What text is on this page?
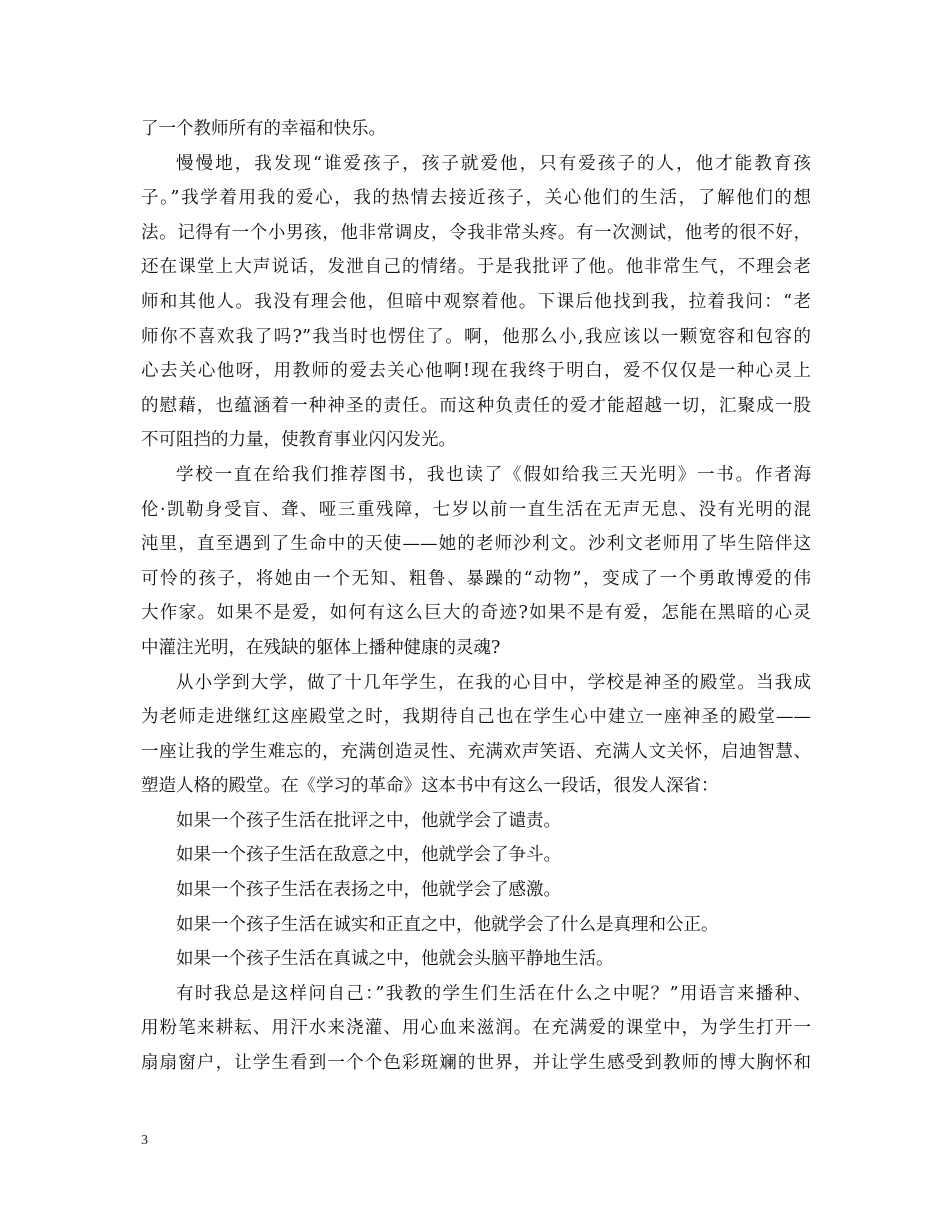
了一个教师所有的幸福和快乐。
慢慢地，我发现“谁爱孩子，孩子就爱他，只有爱孩子的人，他才能教育孩
子。”我学着用我的爱心，我的热情去接近孩子，关心他们的生活，了解他们的想
法。记得有一个小男孩，他非常调皮，令我非常头疼。有一次测试，他考的很不好，
还在课堂上大声说话，发泄自己的情绪。于是我批评了他。他非常生气，不理会老
师和其他人。我没有理会他，但暗中观察着他。下课后他找到我，拉着我问：“老
师你不喜欢我了吗?”我当时也愣住了。啊，他那么小,我应该以一颗宽容和包容的
心去关心他呀，用教师的爱去关心他啊!现在我终于明白，爱不仅仅是一种心灵上
的慰藉，也蕴涵着一种神圣的责任。而这种负责任的爱才能超越一切，汇聚成一股
不可阻挡的力量，使教育事业闪闪发光。
学校一直在给我们推荐图书，我也读了《假如给我三天光明》一书。作者海
伦·凯勒身受盲、聋、哑三重残障，七岁以前一直生活在无声无息、没有光明的混
沌里，直至遇到了生命中的天使——她的老师沙利文。沙利文老师用了毕生陪伴这
可怜的孩子，将她由一个无知、粗鲁、暴躁的“动物”，变成了一个勇敢博爱的伟
大作家。如果不是爱，如何有这么巨大的奇迹?如果不是有爱，怎能在黑暗的心灵
中灌注光明，在残缺的躯体上播种健康的灵魂?
从小学到大学，做了十几年学生，在我的心目中，学校是神圣的殿堂。当我成
为老师走进继红这座殿堂之时，我期待自己也在学生心中建立一座神圣的殿堂——
一座让我的学生难忘的，充满创造灵性、充满欢声笑语、充满人文关怀，启迪智慧、
塑造人格的殿堂。在《学习的革命》这本书中有这么一段话，很发人深省：
如果一个孩子生活在批评之中，他就学会了谴责。
如果一个孩子生活在敌意之中，他就学会了争斗。
如果一个孩子生活在表扬之中，他就学会了感激。
如果一个孩子生活在诚实和正直之中，他就学会了什么是真理和公正。
如果一个孩子生活在真诚之中，他就会头脑平静地生活。
有时我总是这样问自己：”我教的学生们生活在什么之中呢？”用语言来播种、
用粉笔来耕耘、用汗水来浇灌、用心血来滋润。在充满爱的课堂中，为学生打开一
扇扇窗户，让学生看到一个个色彩斑斓的世界，并让学生感受到教师的博大胸怀和
3
